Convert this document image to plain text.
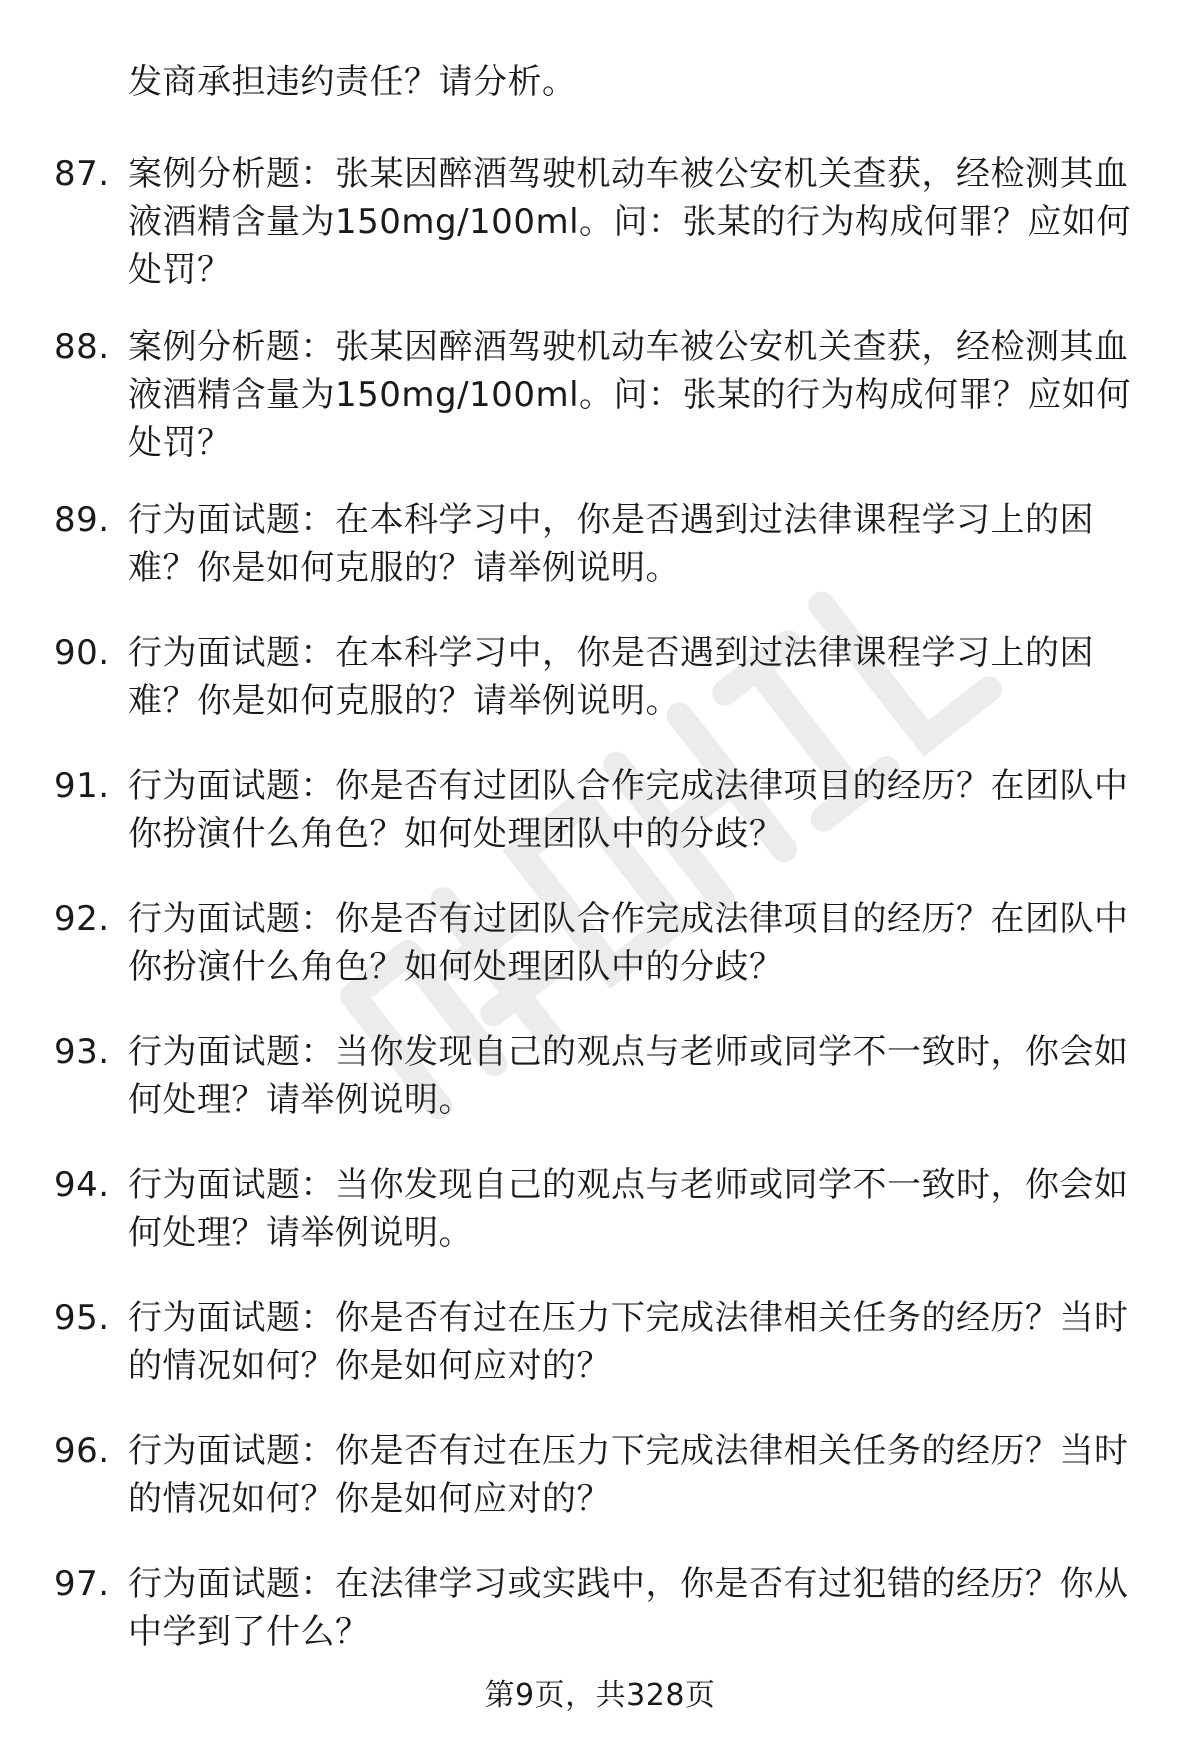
发商承担违约责任？请分析。
87. 案例分析题：张某因醉酒驾驶机动车被公安机关查获，经检测其血液酒精含量为150mg/100ml。问：张某的行为构成何罪？应如何处罚？
88. 案例分析题：张某因醉酒驾驶机动车被公安机关查获，经检测其血液酒精含量为150mg/100ml。问：张某的行为构成何罪？应如何处罚？
89. 行为面试题：在本科学习中，你是否遇到过法律课程学习上的困难？你是如何克服的？请举例说明。
90. 行为面试题：在本科学习中，你是否遇到过法律课程学习上的困难？你是如何克服的？请举例说明。
91. 行为面试题：你是否有过团队合作完成法律项目的经历？在团队中你扮演什么角色？如何处理团队中的分歧？
92. 行为面试题：你是否有过团队合作完成法律项目的经历？在团队中你扮演什么角色？如何处理团队中的分歧？
93. 行为面试题：当你发现自己的观点与老师或同学不一致时，你会如何处理？请举例说明。
94. 行为面试题：当你发现自己的观点与老师或同学不一致时，你会如何处理？请举例说明。
95. 行为面试题：你是否有过在压力下完成法律相关任务的经历？当时的情况如何？你是如何应对的？
96. 行为面试题：你是否有过在压力下完成法律相关任务的经历？当时的情况如何？你是如何应对的？
97. 行为面试题：在法律学习或实践中，你是否有过犯错的经历？你从中学到了什么？
第9页，共328页
